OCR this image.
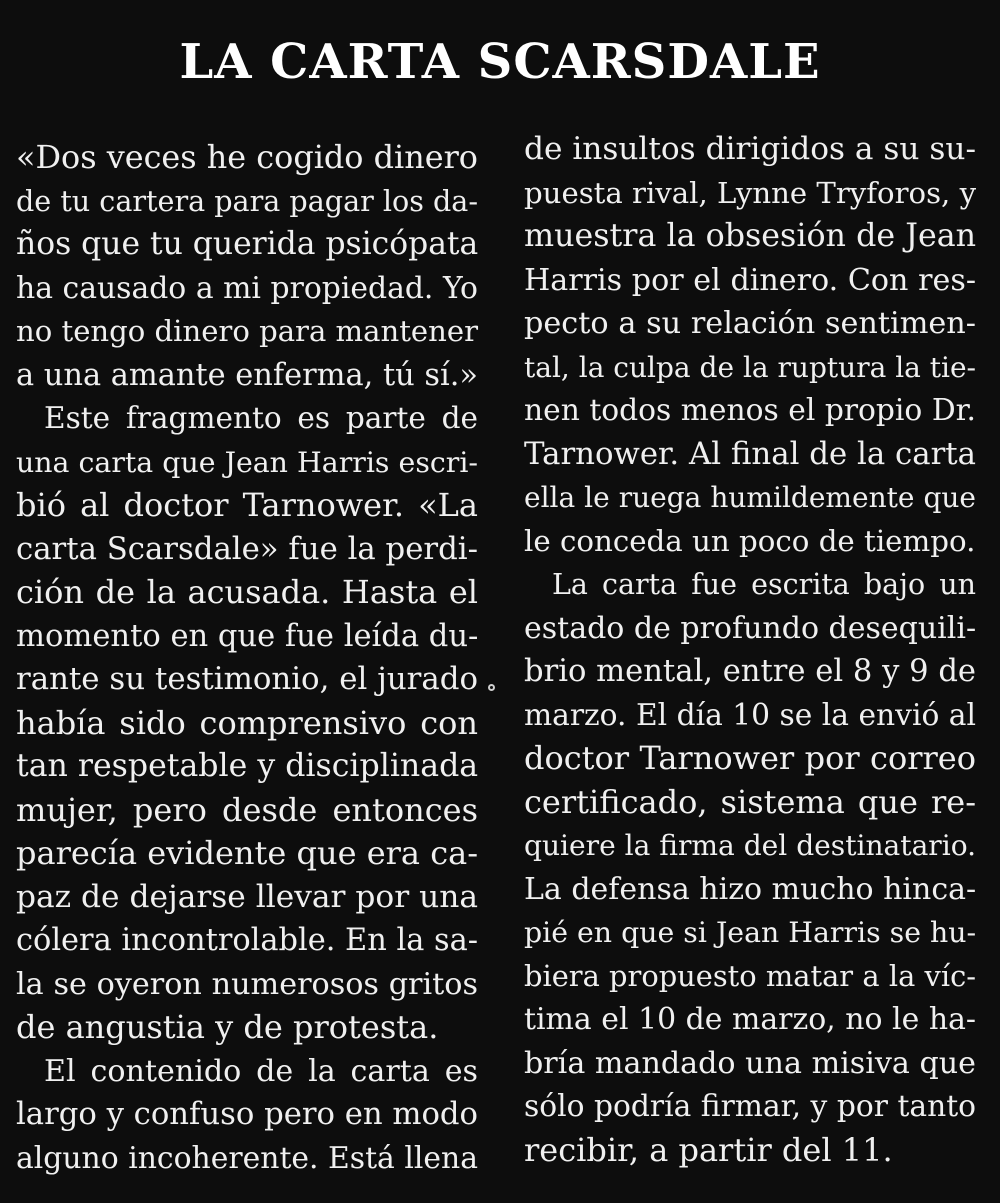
LA CARTA SCARSDALE
«Dos veces he cogido dinero
de tu cartera para pagar los da-
ños que tu querida psicópata
ha causado a mi propiedad. Yo
no tengo dinero para mantener
a una amante enferma, tú sí.»
Este fragmento es parte de
una carta que Jean Harris escri-
bió al doctor Tarnower. «La
carta Scarsdale» fue la perdi-
ción de la acusada. Hasta el
momento en que fue leída du-
rante su testimonio, el jurado
había sido comprensivo con
tan respetable y disciplinada
mujer, pero desde entonces
parecía evidente que era ca-
paz de dejarse llevar por una
cólera incontrolable. En la sa-
la se oyeron numerosos gritos
de angustia y de protesta.
El contenido de la carta es
largo y confuso pero en modo
alguno incoherente. Está llena
de insultos dirigidos a su su-
puesta rival, Lynne Tryforos, y
muestra la obsesión de Jean
Harris por el dinero. Con res-
pecto a su relación sentimen-
tal, la culpa de la ruptura la tie-
nen todos menos el propio Dr.
Tarnower. Al final de la carta
ella le ruega humildemente que
le conceda un poco de tiempo.
La carta fue escrita bajo un
estado de profundo desequili-
brio mental, entre el 8 y 9 de
marzo. El día 10 se la envió al
doctor Tarnower por correo
certificado, sistema que re-
quiere la firma del destinatario.
La defensa hizo mucho hinca-
pié en que si Jean Harris se hu-
biera propuesto matar a la víc-
tima el 10 de marzo, no le ha-
bría mandado una misiva que
sólo podría firmar, y por tanto
recibir, a partir del 11.
